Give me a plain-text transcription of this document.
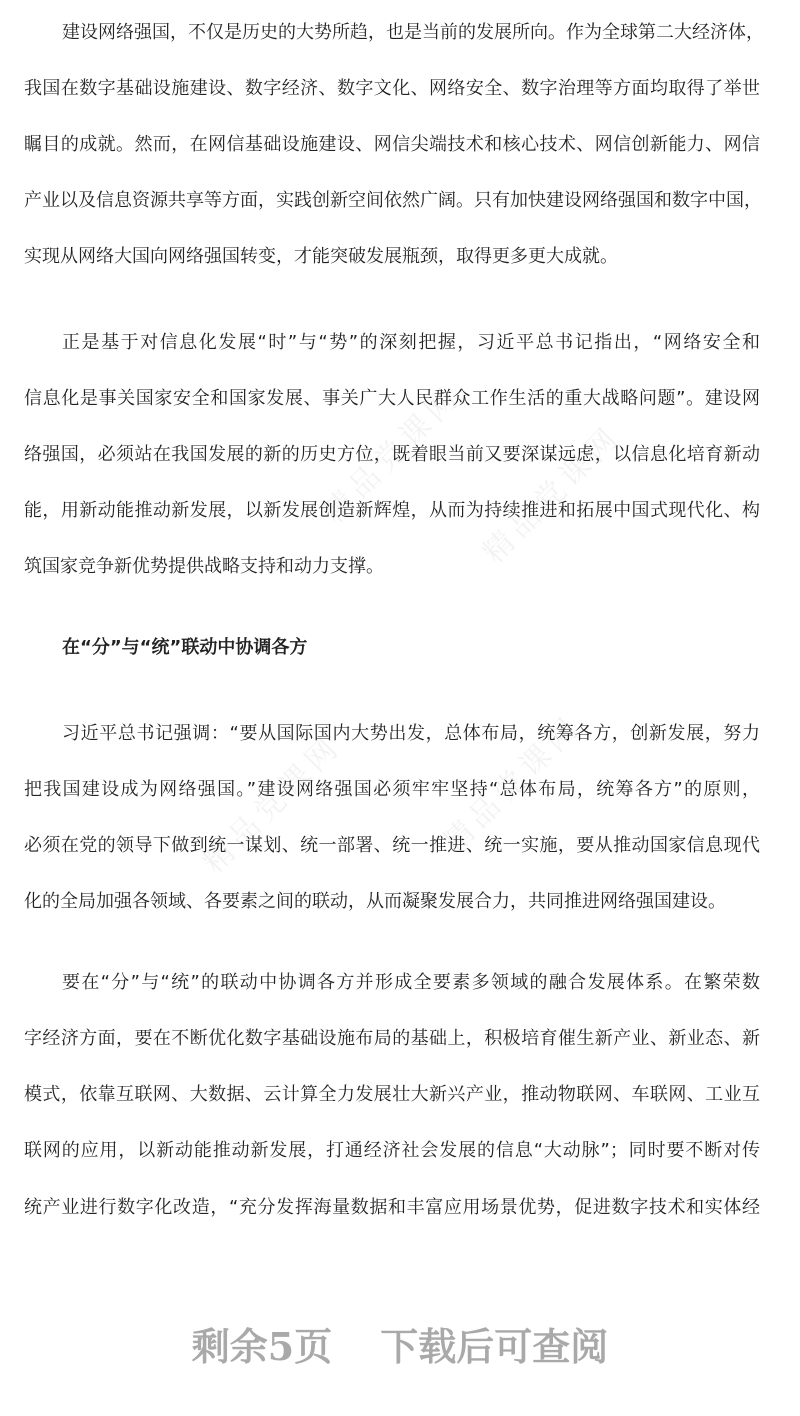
精品党课网 精品党课网
精品党课网	精品党课网
建设网络强国，不仅是历史的大势所趋，也是当前的发展所向。作为全球第二大经济体，
我国在数字基础设施建设、数字经济、数字文化、网络安全、数字治理等方面均取得了举世
瞩目的成就。然而，在网信基础设施建设、网信尖端技术和核心技术、网信创新能力、网信
产业以及信息资源共享等方面，实践创新空间依然广阔。只有加快建设网络强国和数字中国，
实现从网络大国向网络强国转变，才能突破发展瓶颈，取得更多更大成就。
正是基于对信息化发展“时”与“势”的深刻把握，习近平总书记指出，“网络安全和
信息化是事关国家安全和国家发展、事关广大人民群众工作生活的重大战略问题”。建设网
络强国，必须站在我国发展的新的历史方位，既着眼当前又要深谋远虑，以信息化培育新动
能，用新动能推动新发展，以新发展创造新辉煌，从而为持续推进和拓展中国式现代化、构
筑国家竞争新优势提供战略支持和动力支撑。
习近平总书记强调：“要从国际国内大势出发，总体布局，统筹各方，创新发展，努力
把我国建设成为网络强国。”建设网络强国必须牢牢坚持“总体布局，统筹各方”的原则，
必须在党的领导下做到统一谋划、统一部署、统一推进、统一实施，要从推动国家信息现代
化的全局加强各领域、各要素之间的联动，从而凝聚发展合力，共同推进网络强国建设。
要在“分”与“统”的联动中协调各方并形成全要素多领域的融合发展体系。在繁荣数
字经济方面，要在不断优化数字基础设施布局的基础上，积极培育催生新产业、新业态、新
模式，依靠互联网、大数据、云计算全力发展壮大新兴产业，推动物联网、车联网、工业互
联网的应用，以新动能推动新发展，打通经济社会发展的信息“大动脉”；同时要不断对传
统产业进行数字化改造，“充分发挥海量数据和丰富应用场景优势，促进数字技术和实体经
在“分”与“统”联动中协调各方
剩余5页 下载后可查阅
